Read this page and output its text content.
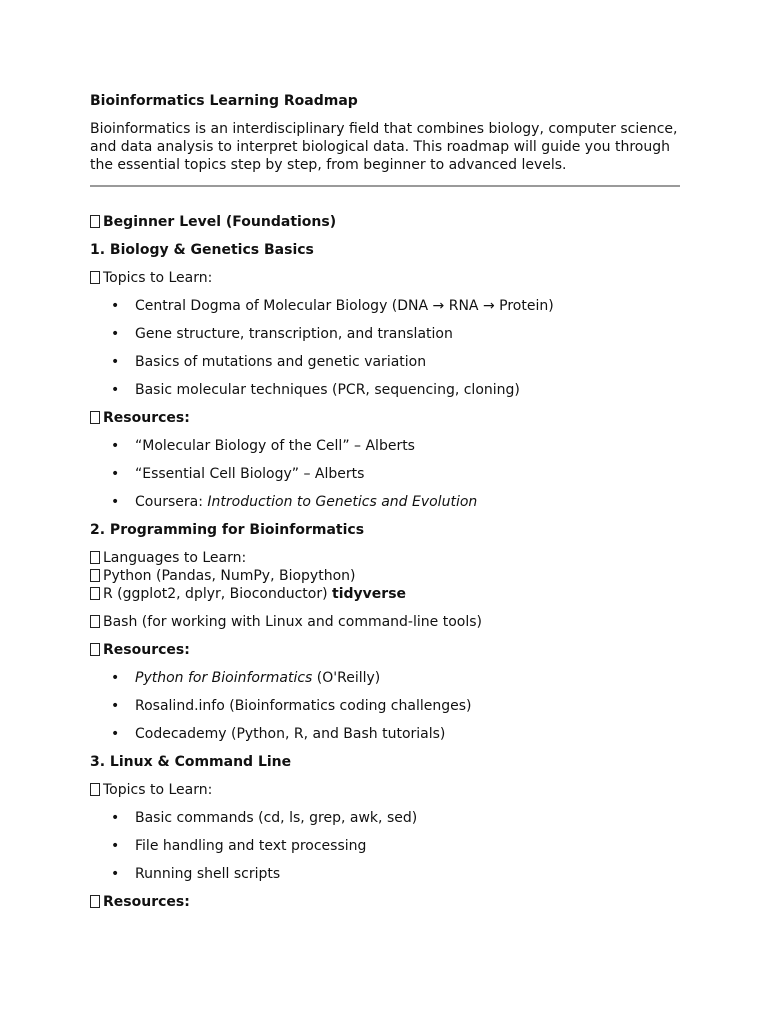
Bioinformatics Learning Roadmap

Bioinformatics is an interdisciplinary field that combines biology, computer science, and data analysis to interpret biological data. This roadmap will guide you through the essential topics step by step, from beginner to advanced levels.

Beginner Level (Foundations)
1. Biology & Genetics Basics
Topics to Learn:
• Central Dogma of Molecular Biology (DNA → RNA → Protein)
• Gene structure, transcription, and translation
• Basics of mutations and genetic variation
• Basic molecular techniques (PCR, sequencing, cloning)
Resources:
• “Molecular Biology of the Cell” – Alberts
• “Essential Cell Biology” – Alberts
• Coursera: Introduction to Genetics and Evolution
2. Programming for Bioinformatics
Languages to Learn:
Python (Pandas, NumPy, Biopython)
R (ggplot2, dplyr, Bioconductor) tidyverse
Bash (for working with Linux and command-line tools)
Resources:
• Python for Bioinformatics (O'Reilly)
• Rosalind.info (Bioinformatics coding challenges)
• Codecademy (Python, R, and Bash tutorials)
3. Linux & Command Line
Topics to Learn:
• Basic commands (cd, ls, grep, awk, sed)
• File handling and text processing
• Running shell scripts
Resources:
